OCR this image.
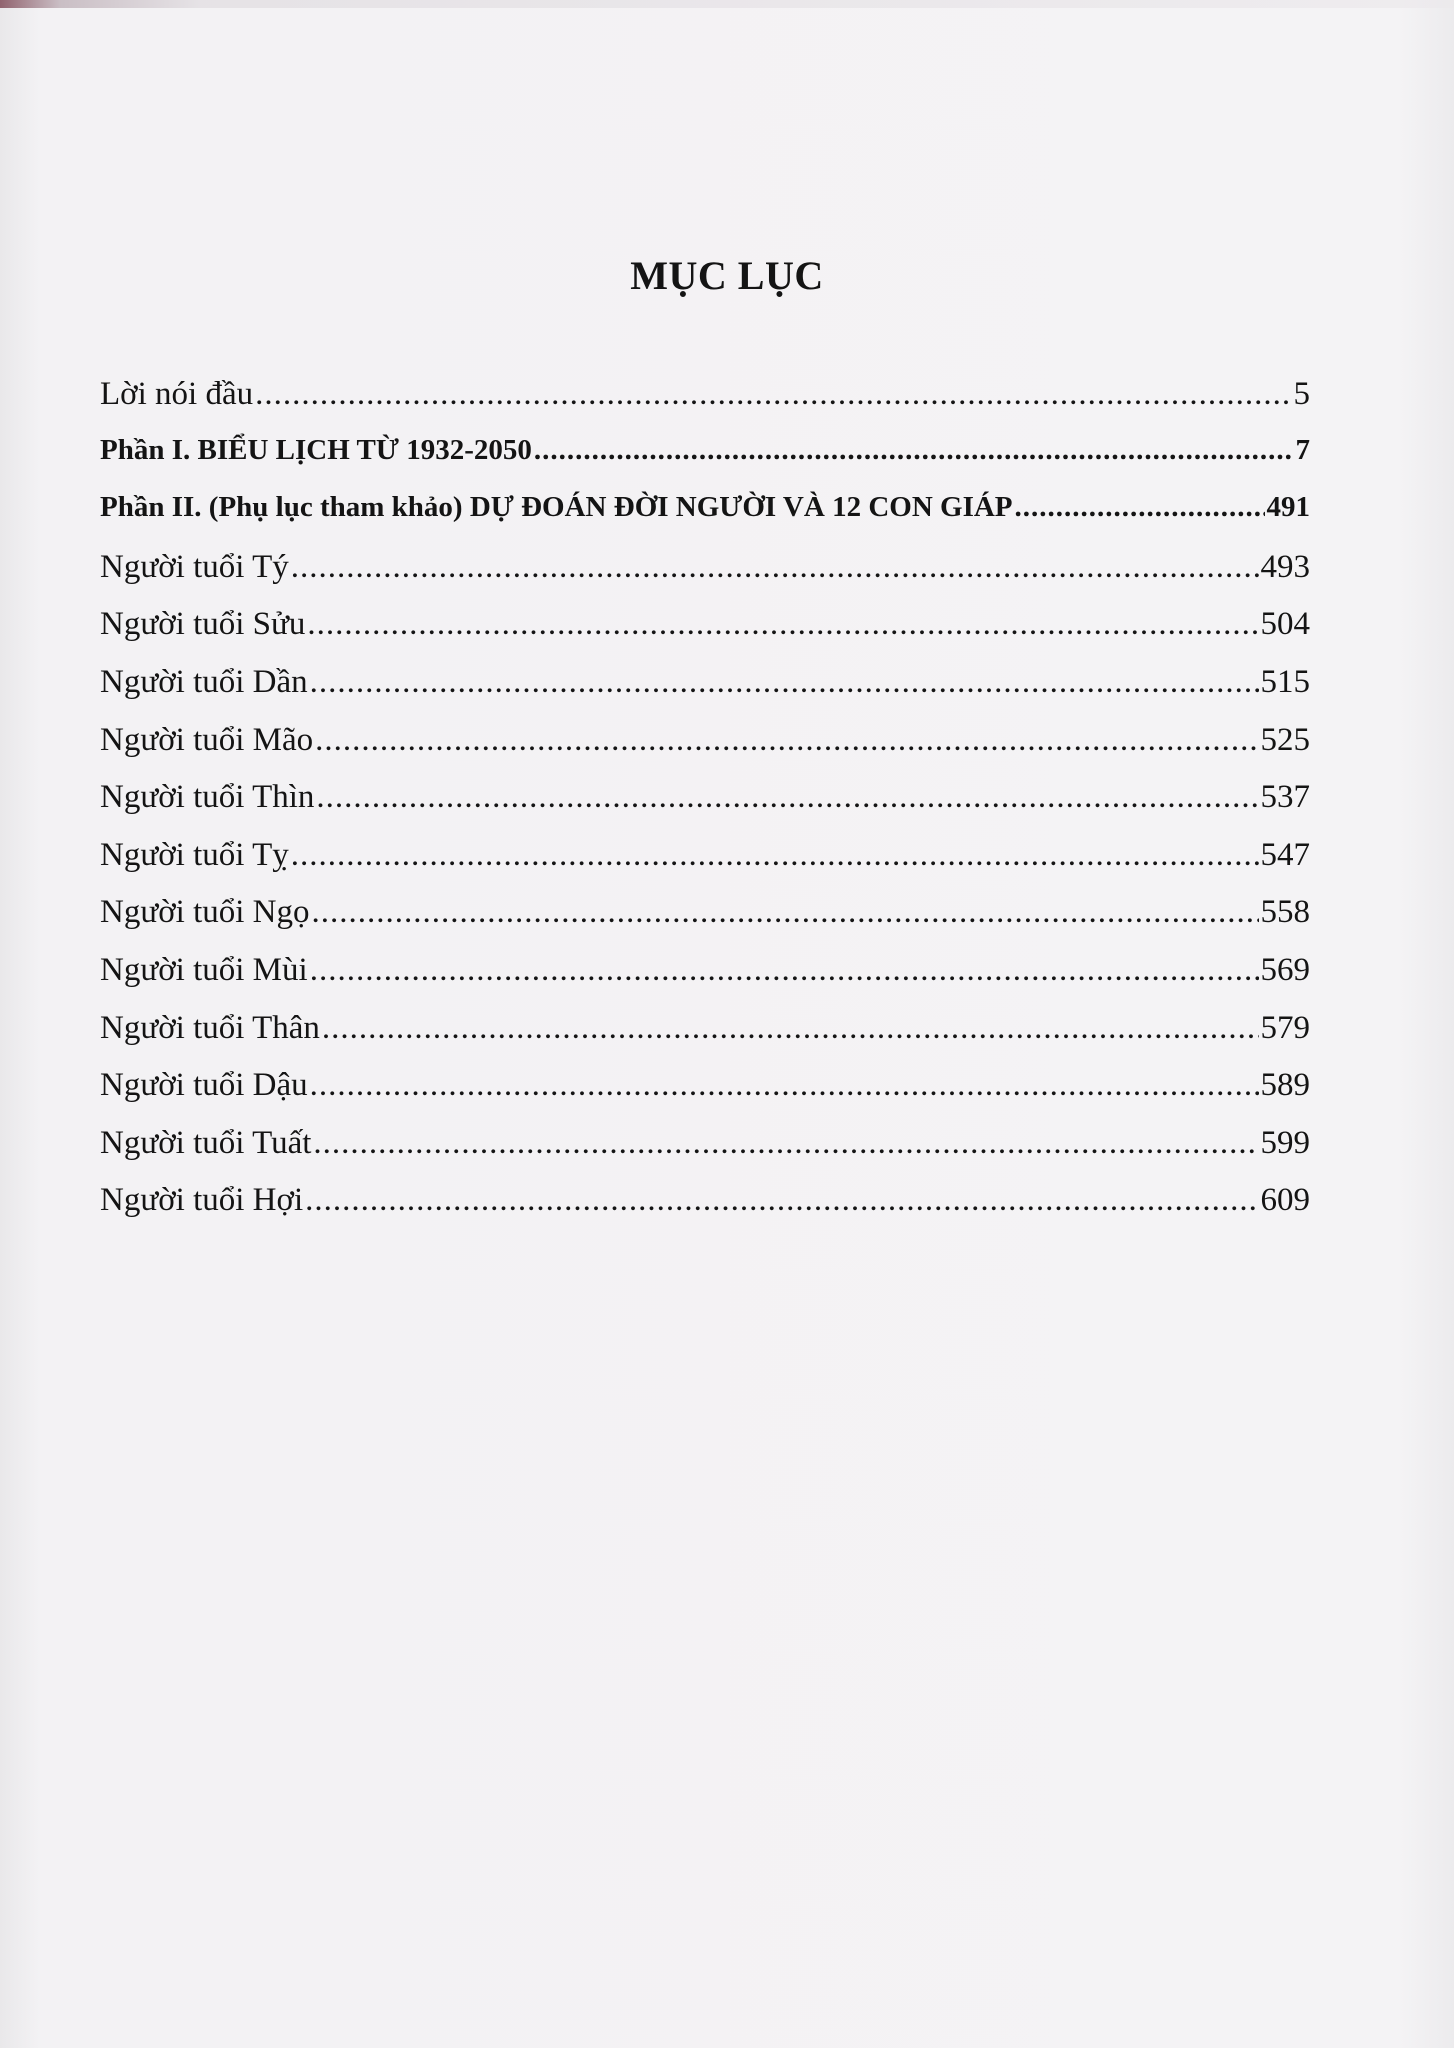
MỤC LỤC
Lời nói đầu .....	5
Phần I. BIỂU LỊCH TỪ 1932-2050 .....	7
Phần II. (Phụ lục tham khảo) DỰ ĐOÁN ĐỜI NGƯỜI VÀ 12 CON GIÁP .....	491
Người tuổi Tý .....	493
Người tuổi Sửu .....	504
Người tuổi Dần .....	515
Người tuổi Mão .....	525
Người tuổi Thìn .....	537
Người tuổi Tỵ .....	547
Người tuổi Ngọ .....	558
Người tuổi Mùi .....	569
Người tuổi Thân .....	579
Người tuổi Dậu .....	589
Người tuổi Tuất .....	599
Người tuổi Hợi .....	609
